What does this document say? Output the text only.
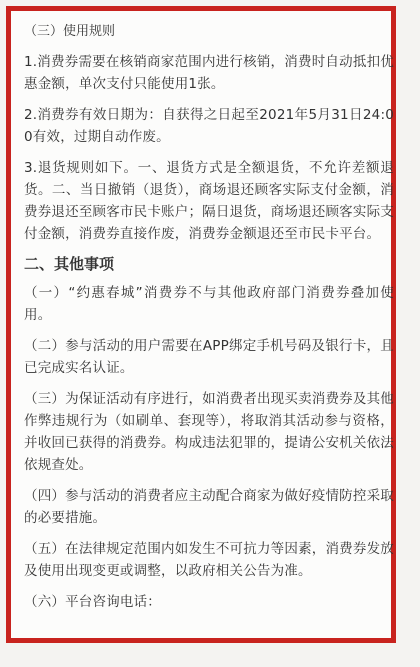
（三）使用规则

1.消费券需要在核销商家范围内进行核销，消费时自动抵扣优惠金额，单次支付只能使用1张。

2.消费券有效日期为：自获得之日起至2021年5月31日24:00有效，过期自动作废。

3.退货规则如下。一、退货方式是全额退货，不允许差额退货。二、当日撤销（退货），商场退还顾客实际支付金额，消费券退还至顾客市民卡账户；隔日退货，商场退还顾客实际支付金额，消费券直接作废，消费券金额退还至市民卡平台。

二、其他事项

（一）“约惠春城”消费券不与其他政府部门消费券叠加使用。

（二）参与活动的用户需要在APP绑定手机号码及银行卡，且已完成实名认证。

（三）为保证活动有序进行，如消费者出现买卖消费券及其他作弊违规行为（如刷单、套现等），将取消其活动参与资格，并收回已获得的消费券。构成违法犯罪的，提请公安机关依法依规查处。

（四）参与活动的消费者应主动配合商家为做好疫情防控采取的必要措施。

（五）在法律规定范围内如发生不可抗力等因素，消费券发放及使用出现变更或调整，以政府相关公告为准。

（六）平台咨询电话：
